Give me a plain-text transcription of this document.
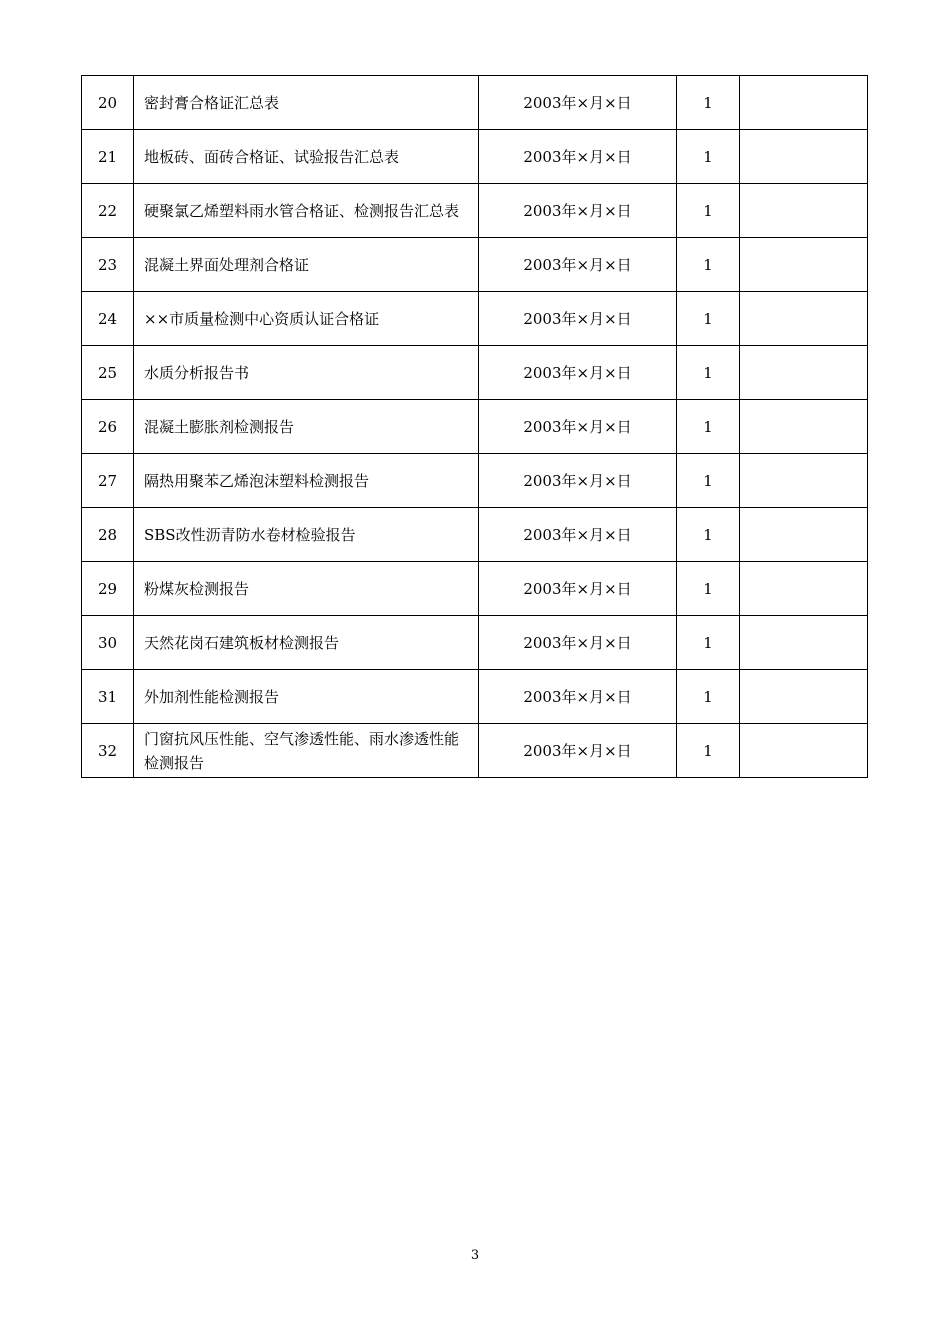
20	密封膏合格证汇总表	2003年×月×日	1	
21	地板砖、面砖合格证、试验报告汇总表	2003年×月×日	1	
22	硬聚氯乙烯塑料雨水管合格证、检测报告汇总表	2003年×月×日	1	
23	混凝土界面处理剂合格证	2003年×月×日	1	
24	××市质量检测中心资质认证合格证	2003年×月×日	1	
25	水质分析报告书	2003年×月×日	1	
26	混凝土膨胀剂检测报告	2003年×月×日	1	
27	隔热用聚苯乙烯泡沫塑料检测报告	2003年×月×日	1	
28	SBS改性沥青防水卷材检验报告	2003年×月×日	1	
29	粉煤灰检测报告	2003年×月×日	1	
30	天然花岗石建筑板材检测报告	2003年×月×日	1	
31	外加剂性能检测报告	2003年×月×日	1	
32	门窗抗风压性能、空气渗透性能、雨水渗透性能检测报告	2003年×月×日	1	
3
